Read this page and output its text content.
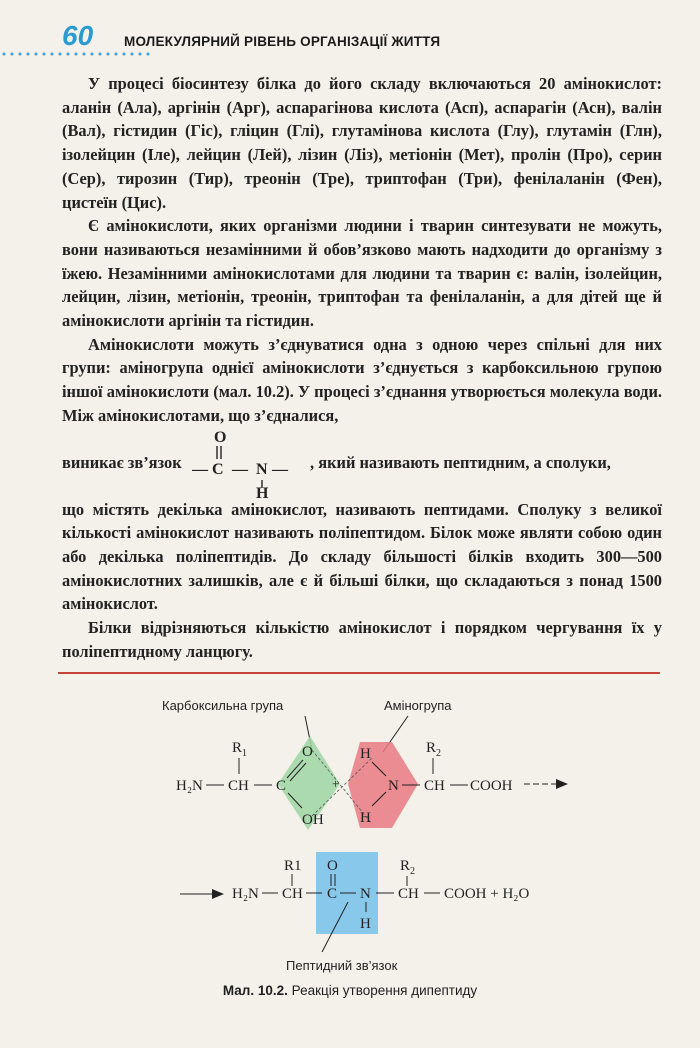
60 МОЛЕКУЛЯРНИЙ РІВЕНЬ ОРГАНІЗАЦІЇ ЖИТТЯ

У процесі біосинтезу білка до його складу включаються 20 амінокислот: аланін (Ала), аргінін (Арг), аспарагінова кислота (Асп), аспарагін (Асн), валін (Вал), гістидин (Гіс), гліцин (Глі), глутамінова кислота (Глу), глутамін (Глн), ізолейцин (Іле), лейцин (Лей), лізин (Ліз), метіонін (Мет), пролін (Про), серин (Сер), тирозин (Тир), треонін (Тре), триптофан (Три), фенілаланін (Фен), цистеїн (Цис).

Є амінокислоти, яких організми людини і тварин синтезувати не можуть, вони називаються незамінними й обов’язково мають надходити до організму з їжею. Незамінними амінокислотами для людини та тварин є: валін, ізолейцин, лейцин, лізин, метіонін, треонін, триптофан та фенілаланін, а для дітей ще й амінокислоти аргінін та гістидин.

Амінокислоти можуть з’єднуватися одна з одною через спільні для них групи: аміногрупа однієї амінокислоти з’єднується з карбоксильною групою іншої амінокислоти (мал. 10.2). У процесі з’єднання утворюється молекула води. Між амінокислотами, що з’єдналися,

виникає зв’язок
O
— C — N —
H
, який називають пептидним, а сполуки,

що містять декілька амінокислот, називають пептидами. Сполуку з великої кількості амінокислот називають поліпептидом. Білок може являти собою один або декілька поліпептидів. До складу більшості білків входить 300—500 амінокислотних залишків, але є й більші білки, що складаються з понад 1500 амінокислот.

Білки відрізняються кількістю амінокислот і порядком чергування їх у поліпептидному ланцюгу.

Карбоксильна група	Аміногрупа
$R_1$
H₂N CH C
O
OH
+
H
N
H
CH
$R_2$
COOH
R1
H₂N CH
O
C N
H
CH
$R_2$
COOH + H₂O
Пептидний зв’язок
Мал. 10.2. Реакція утворення дипептиду
